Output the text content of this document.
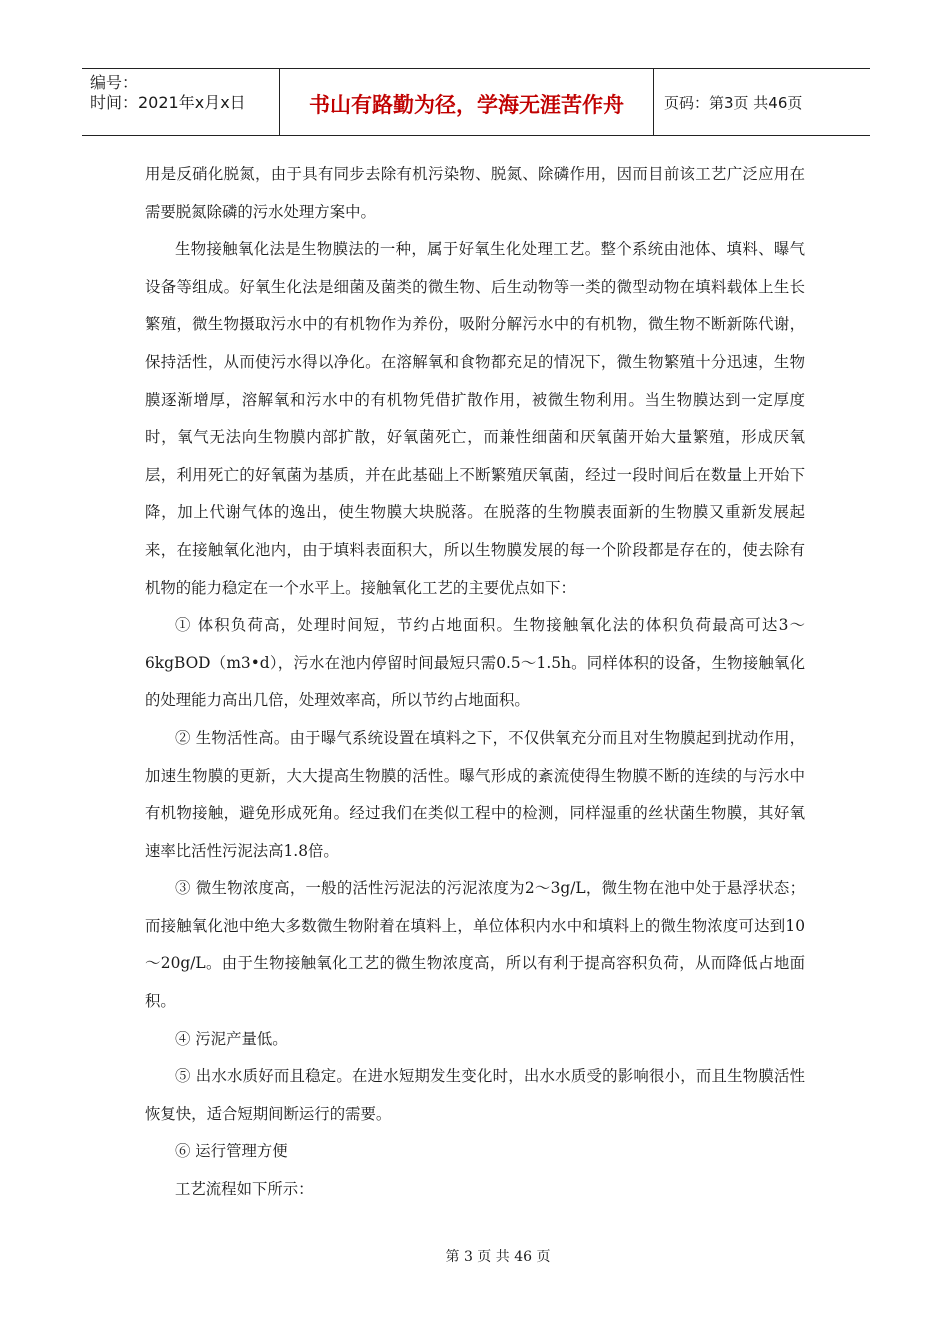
编号：
时间：2021年x月x日	书山有路勤为径，学海无涯苦作舟	页码：第3页 共46页

用是反硝化脱氮，由于具有同步去除有机污染物、脱氮、除磷作用，因而目前该工艺广泛应用在需要脱氮除磷的污水处理方案中。

生物接触氧化法是生物膜法的一种，属于好氧生化处理工艺。整个系统由池体、填料、曝气设备等组成。好氧生化法是细菌及菌类的微生物、后生动物等一类的微型动物在填料载体上生长繁殖，微生物摄取污水中的有机物作为养份，吸附分解污水中的有机物，微生物不断新陈代谢，保持活性，从而使污水得以净化。在溶解氧和食物都充足的情况下，微生物繁殖十分迅速，生物膜逐渐增厚，溶解氧和污水中的有机物凭借扩散作用，被微生物利用。当生物膜达到一定厚度时，氧气无法向生物膜内部扩散，好氧菌死亡，而兼性细菌和厌氧菌开始大量繁殖，形成厌氧层，利用死亡的好氧菌为基质，并在此基础上不断繁殖厌氧菌，经过一段时间后在数量上开始下降，加上代谢气体的逸出，使生物膜大块脱落。在脱落的生物膜表面新的生物膜又重新发展起来，在接触氧化池内，由于填料表面积大，所以生物膜发展的每一个阶段都是存在的，使去除有机物的能力稳定在一个水平上。接触氧化工艺的主要优点如下：

① 体积负荷高，处理时间短，节约占地面积。生物接触氧化法的体积负荷最高可达3～6kgBOD（m3•d），污水在池内停留时间最短只需0.5～1.5h。同样体积的设备，生物接触氧化的处理能力高出几倍，处理效率高，所以节约占地面积。

② 生物活性高。由于曝气系统设置在填料之下，不仅供氧充分而且对生物膜起到扰动作用，加速生物膜的更新，大大提高生物膜的活性。曝气形成的紊流使得生物膜不断的连续的与污水中有机物接触，避免形成死角。经过我们在类似工程中的检测，同样湿重的丝状菌生物膜，其好氧速率比活性污泥法高1.8倍。

③ 微生物浓度高，一般的活性污泥法的污泥浓度为2～3g/L，微生物在池中处于悬浮状态；而接触氧化池中绝大多数微生物附着在填料上，单位体积内水中和填料上的微生物浓度可达到10～20g/L。由于生物接触氧化工艺的微生物浓度高，所以有利于提高容积负荷，从而降低占地面积。

④ 污泥产量低。

⑤ 出水水质好而且稳定。在进水短期发生变化时，出水水质受的影响很小，而且生物膜活性恢复快，适合短期间断运行的需要。

⑥ 运行管理方便

工艺流程如下所示：

第 3 页 共 46 页
